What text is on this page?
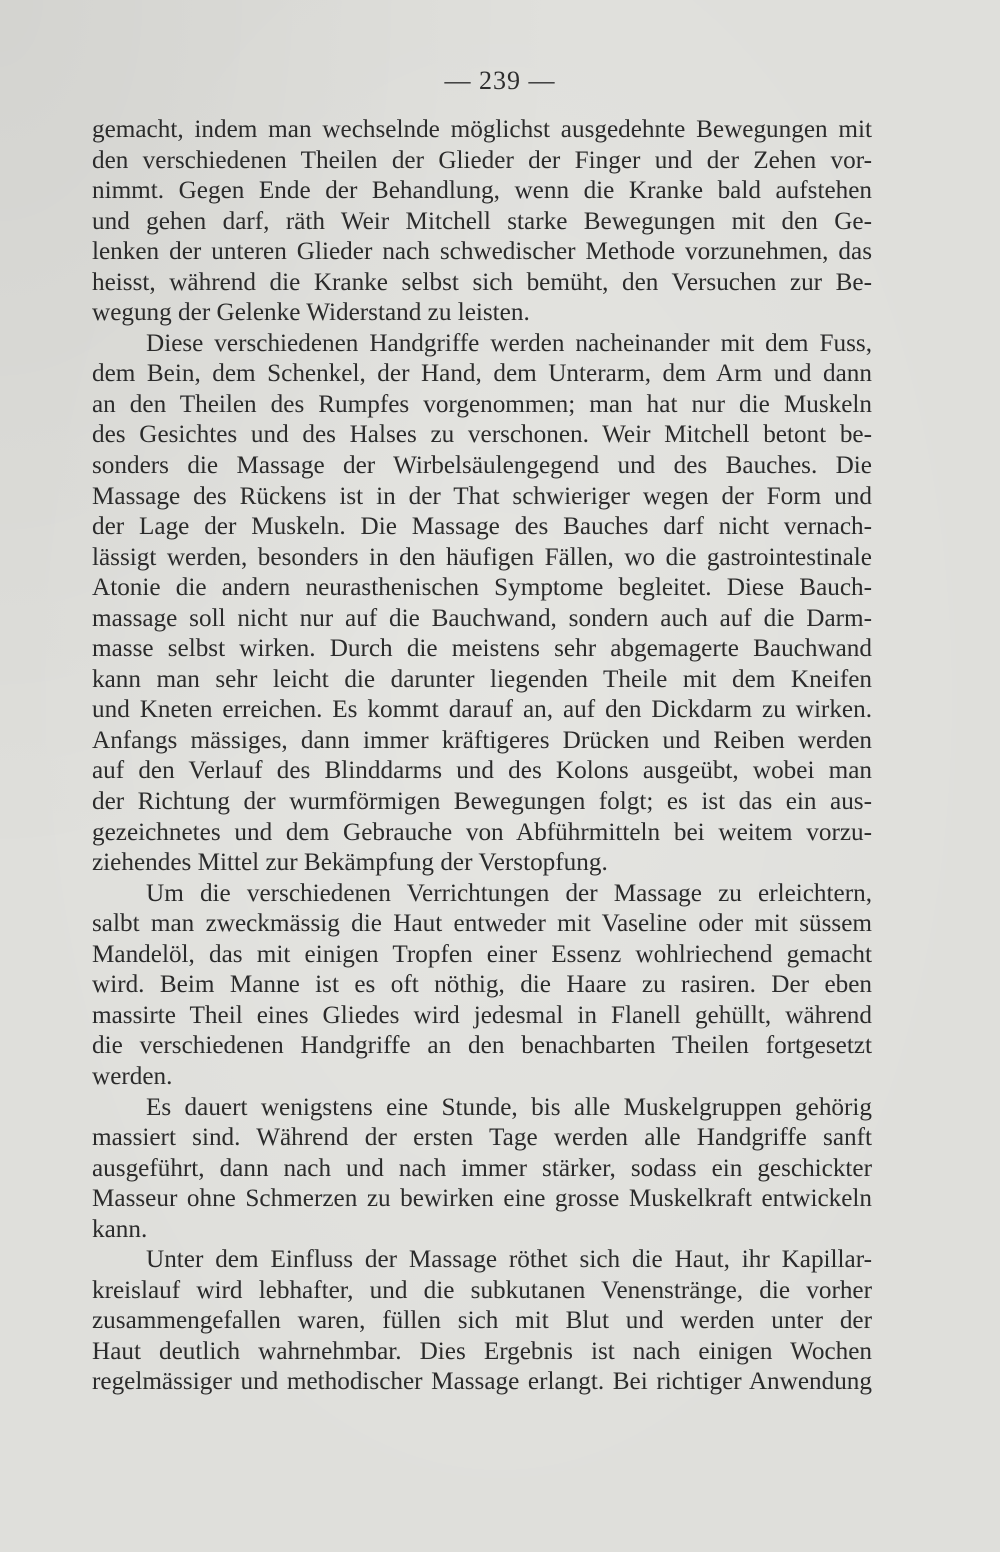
— 239 —
gemacht, indem man wechselnde möglichst ausgedehnte Bewegungen mit
den verschiedenen Theilen der Glieder der Finger und der Zehen vor-
nimmt. Gegen Ende der Behandlung, wenn die Kranke bald aufstehen
und gehen darf, räth Weir Mitchell starke Bewegungen mit den Ge-
lenken der unteren Glieder nach schwedischer Methode vorzunehmen, das
heisst, während die Kranke selbst sich bemüht, den Versuchen zur Be-
wegung der Gelenke Widerstand zu leisten.
Diese verschiedenen Handgriffe werden nacheinander mit dem Fuss,
dem Bein, dem Schenkel, der Hand, dem Unterarm, dem Arm und dann
an den Theilen des Rumpfes vorgenommen; man hat nur die Muskeln
des Gesichtes und des Halses zu verschonen. Weir Mitchell betont be-
sonders die Massage der Wirbelsäulengegend und des Bauches. Die
Massage des Rückens ist in der That schwieriger wegen der Form und
der Lage der Muskeln. Die Massage des Bauches darf nicht vernach-
lässigt werden, besonders in den häufigen Fällen, wo die gastrointestinale
Atonie die andern neurasthenischen Symptome begleitet. Diese Bauch-
massage soll nicht nur auf die Bauchwand, sondern auch auf die Darm-
masse selbst wirken. Durch die meistens sehr abgemagerte Bauchwand
kann man sehr leicht die darunter liegenden Theile mit dem Kneifen
und Kneten erreichen. Es kommt darauf an, auf den Dickdarm zu wirken.
Anfangs mässiges, dann immer kräftigeres Drücken und Reiben werden
auf den Verlauf des Blinddarms und des Kolons ausgeübt, wobei man
der Richtung der wurmförmigen Bewegungen folgt; es ist das ein aus-
gezeichnetes und dem Gebrauche von Abführmitteln bei weitem vorzu-
ziehendes Mittel zur Bekämpfung der Verstopfung.
Um die verschiedenen Verrichtungen der Massage zu erleichtern,
salbt man zweckmässig die Haut entweder mit Vaseline oder mit süssem
Mandelöl, das mit einigen Tropfen einer Essenz wohlriechend gemacht
wird. Beim Manne ist es oft nöthig, die Haare zu rasiren. Der eben
massirte Theil eines Gliedes wird jedesmal in Flanell gehüllt, während
die verschiedenen Handgriffe an den benachbarten Theilen fortgesetzt
werden.
Es dauert wenigstens eine Stunde, bis alle Muskelgruppen gehörig
massiert sind. Während der ersten Tage werden alle Handgriffe sanft
ausgeführt, dann nach und nach immer stärker, sodass ein geschickter
Masseur ohne Schmerzen zu bewirken eine grosse Muskelkraft entwickeln
kann.
Unter dem Einfluss der Massage röthet sich die Haut, ihr Kapillar-
kreislauf wird lebhafter, und die subkutanen Venenstränge, die vorher
zusammengefallen waren, füllen sich mit Blut und werden unter der
Haut deutlich wahrnehmbar. Dies Ergebnis ist nach einigen Wochen
regelmässiger und methodischer Massage erlangt. Bei richtiger Anwendung
